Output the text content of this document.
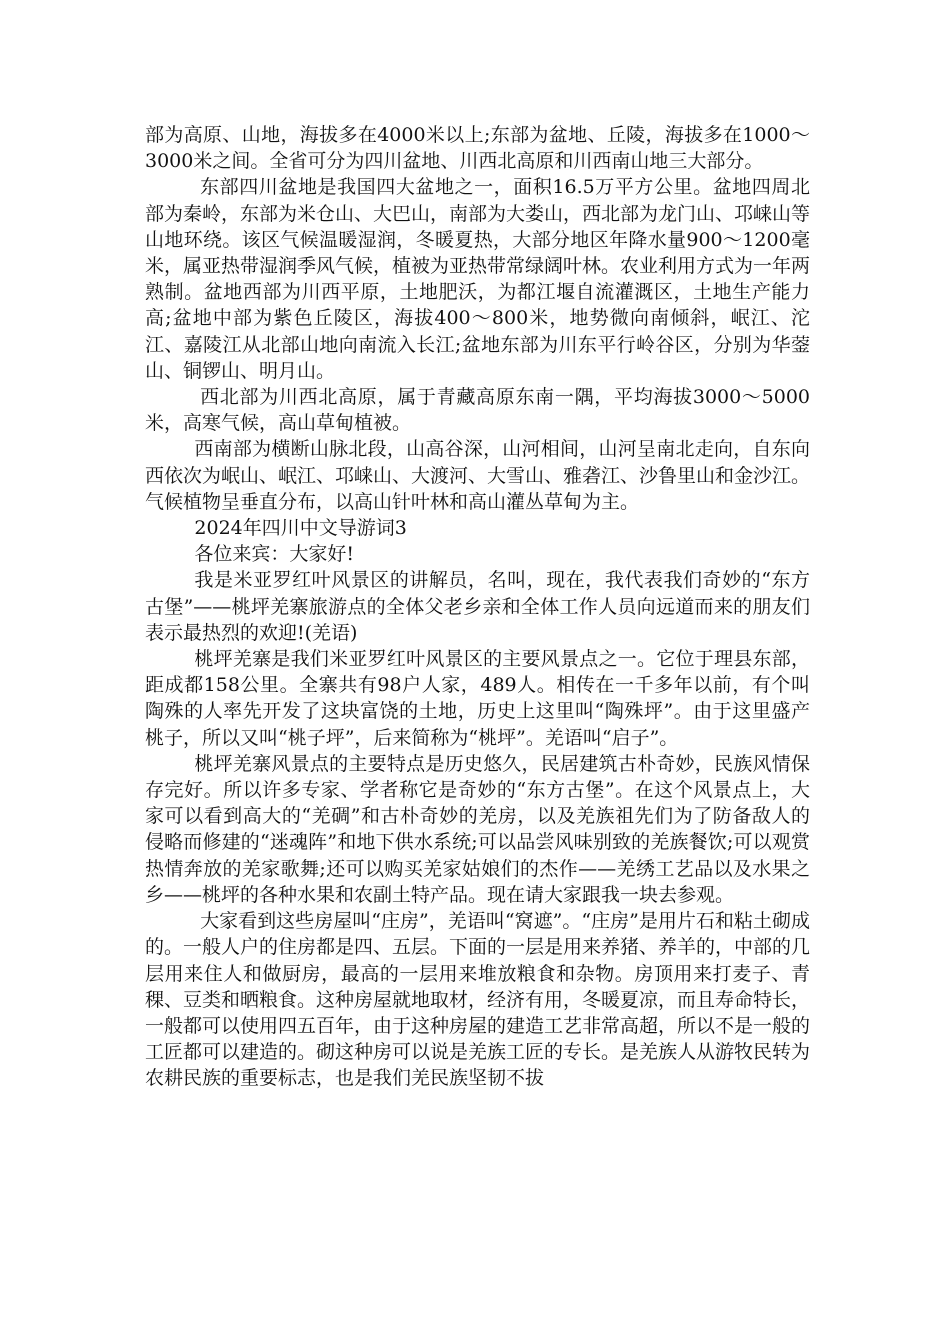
部为高原、山地，海拔多在4000米以上;东部为盆地、丘陵，海拔多在1000～3000米之间。全省可分为四川盆地、川西北高原和川西南山地三大部分。

东部四川盆地是我国四大盆地之一，面积16.5万平方公里。盆地四周北部为秦岭，东部为米仓山、大巴山，南部为大娄山，西北部为龙门山、邛崃山等山地环绕。该区气候温暖湿润，冬暖夏热，大部分地区年降水量900～1200毫米，属亚热带湿润季风气候，植被为亚热带常绿阔叶林。农业利用方式为一年两熟制。盆地西部为川西平原，土地肥沃，为都江堰自流灌溉区，土地生产能力高;盆地中部为紫色丘陵区，海拔400～800米，地势微向南倾斜，岷江、沱江、嘉陵江从北部山地向南流入长江;盆地东部为川东平行岭谷区，分别为华蓥山、铜锣山、明月山。

西北部为川西北高原，属于青藏高原东南一隅，平均海拔3000～5000米，高寒气候，高山草甸植被。

西南部为横断山脉北段，山高谷深，山河相间，山河呈南北走向，自东向西依次为岷山、岷江、邛崃山、大渡河、大雪山、雅砻江、沙鲁里山和金沙江。气候植物呈垂直分布，以高山针叶林和高山灌丛草甸为主。

2024年四川中文导游词3

各位来宾：大家好!

我是米亚罗红叶风景区的讲解员，名叫，现在，我代表我们奇妙的“东方古堡”——桃坪羌寨旅游点的全体父老乡亲和全体工作人员向远道而来的朋友们表示最热烈的欢迎!(羌语)

桃坪羌寨是我们米亚罗红叶风景区的主要风景点之一。它位于理县东部，距成都158公里。全寨共有98户人家，489人。相传在一千多年以前，有个叫陶殊的人率先开发了这块富饶的土地，历史上这里叫“陶殊坪”。由于这里盛产桃子，所以又叫“桃子坪”，后来简称为“桃坪”。羌语叫“启子”。

桃坪羌寨风景点的主要特点是历史悠久，民居建筑古朴奇妙，民族风情保存完好。所以许多专家、学者称它是奇妙的“东方古堡”。在这个风景点上，大家可以看到高大的“羌碉”和古朴奇妙的羌房，以及羌族祖先们为了防备敌人的侵略而修建的“迷魂阵”和地下供水系统;可以品尝风味别致的羌族餐饮;可以观赏热情奔放的羌家歌舞;还可以购买羌家姑娘们的杰作——羌绣工艺品以及水果之乡——桃坪的各种水果和农副土特产品。现在请大家跟我一块去参观。

大家看到这些房屋叫“庄房”，羌语叫“窝遮”。“庄房”是用片石和粘土砌成的。一般人户的住房都是四、五层。下面的一层是用来养猪、养羊的，中部的几层用来住人和做厨房，最高的一层用来堆放粮食和杂物。房顶用来打麦子、青稞、豆类和晒粮食。这种房屋就地取材，经济有用，冬暖夏凉，而且寿命特长，一般都可以使用四五百年，由于这种房屋的建造工艺非常高超，所以不是一般的工匠都可以建造的。砌这种房可以说是羌族工匠的专长。是羌族人从游牧民转为农耕民族的重要标志，也是我们羌民族坚韧不拔
